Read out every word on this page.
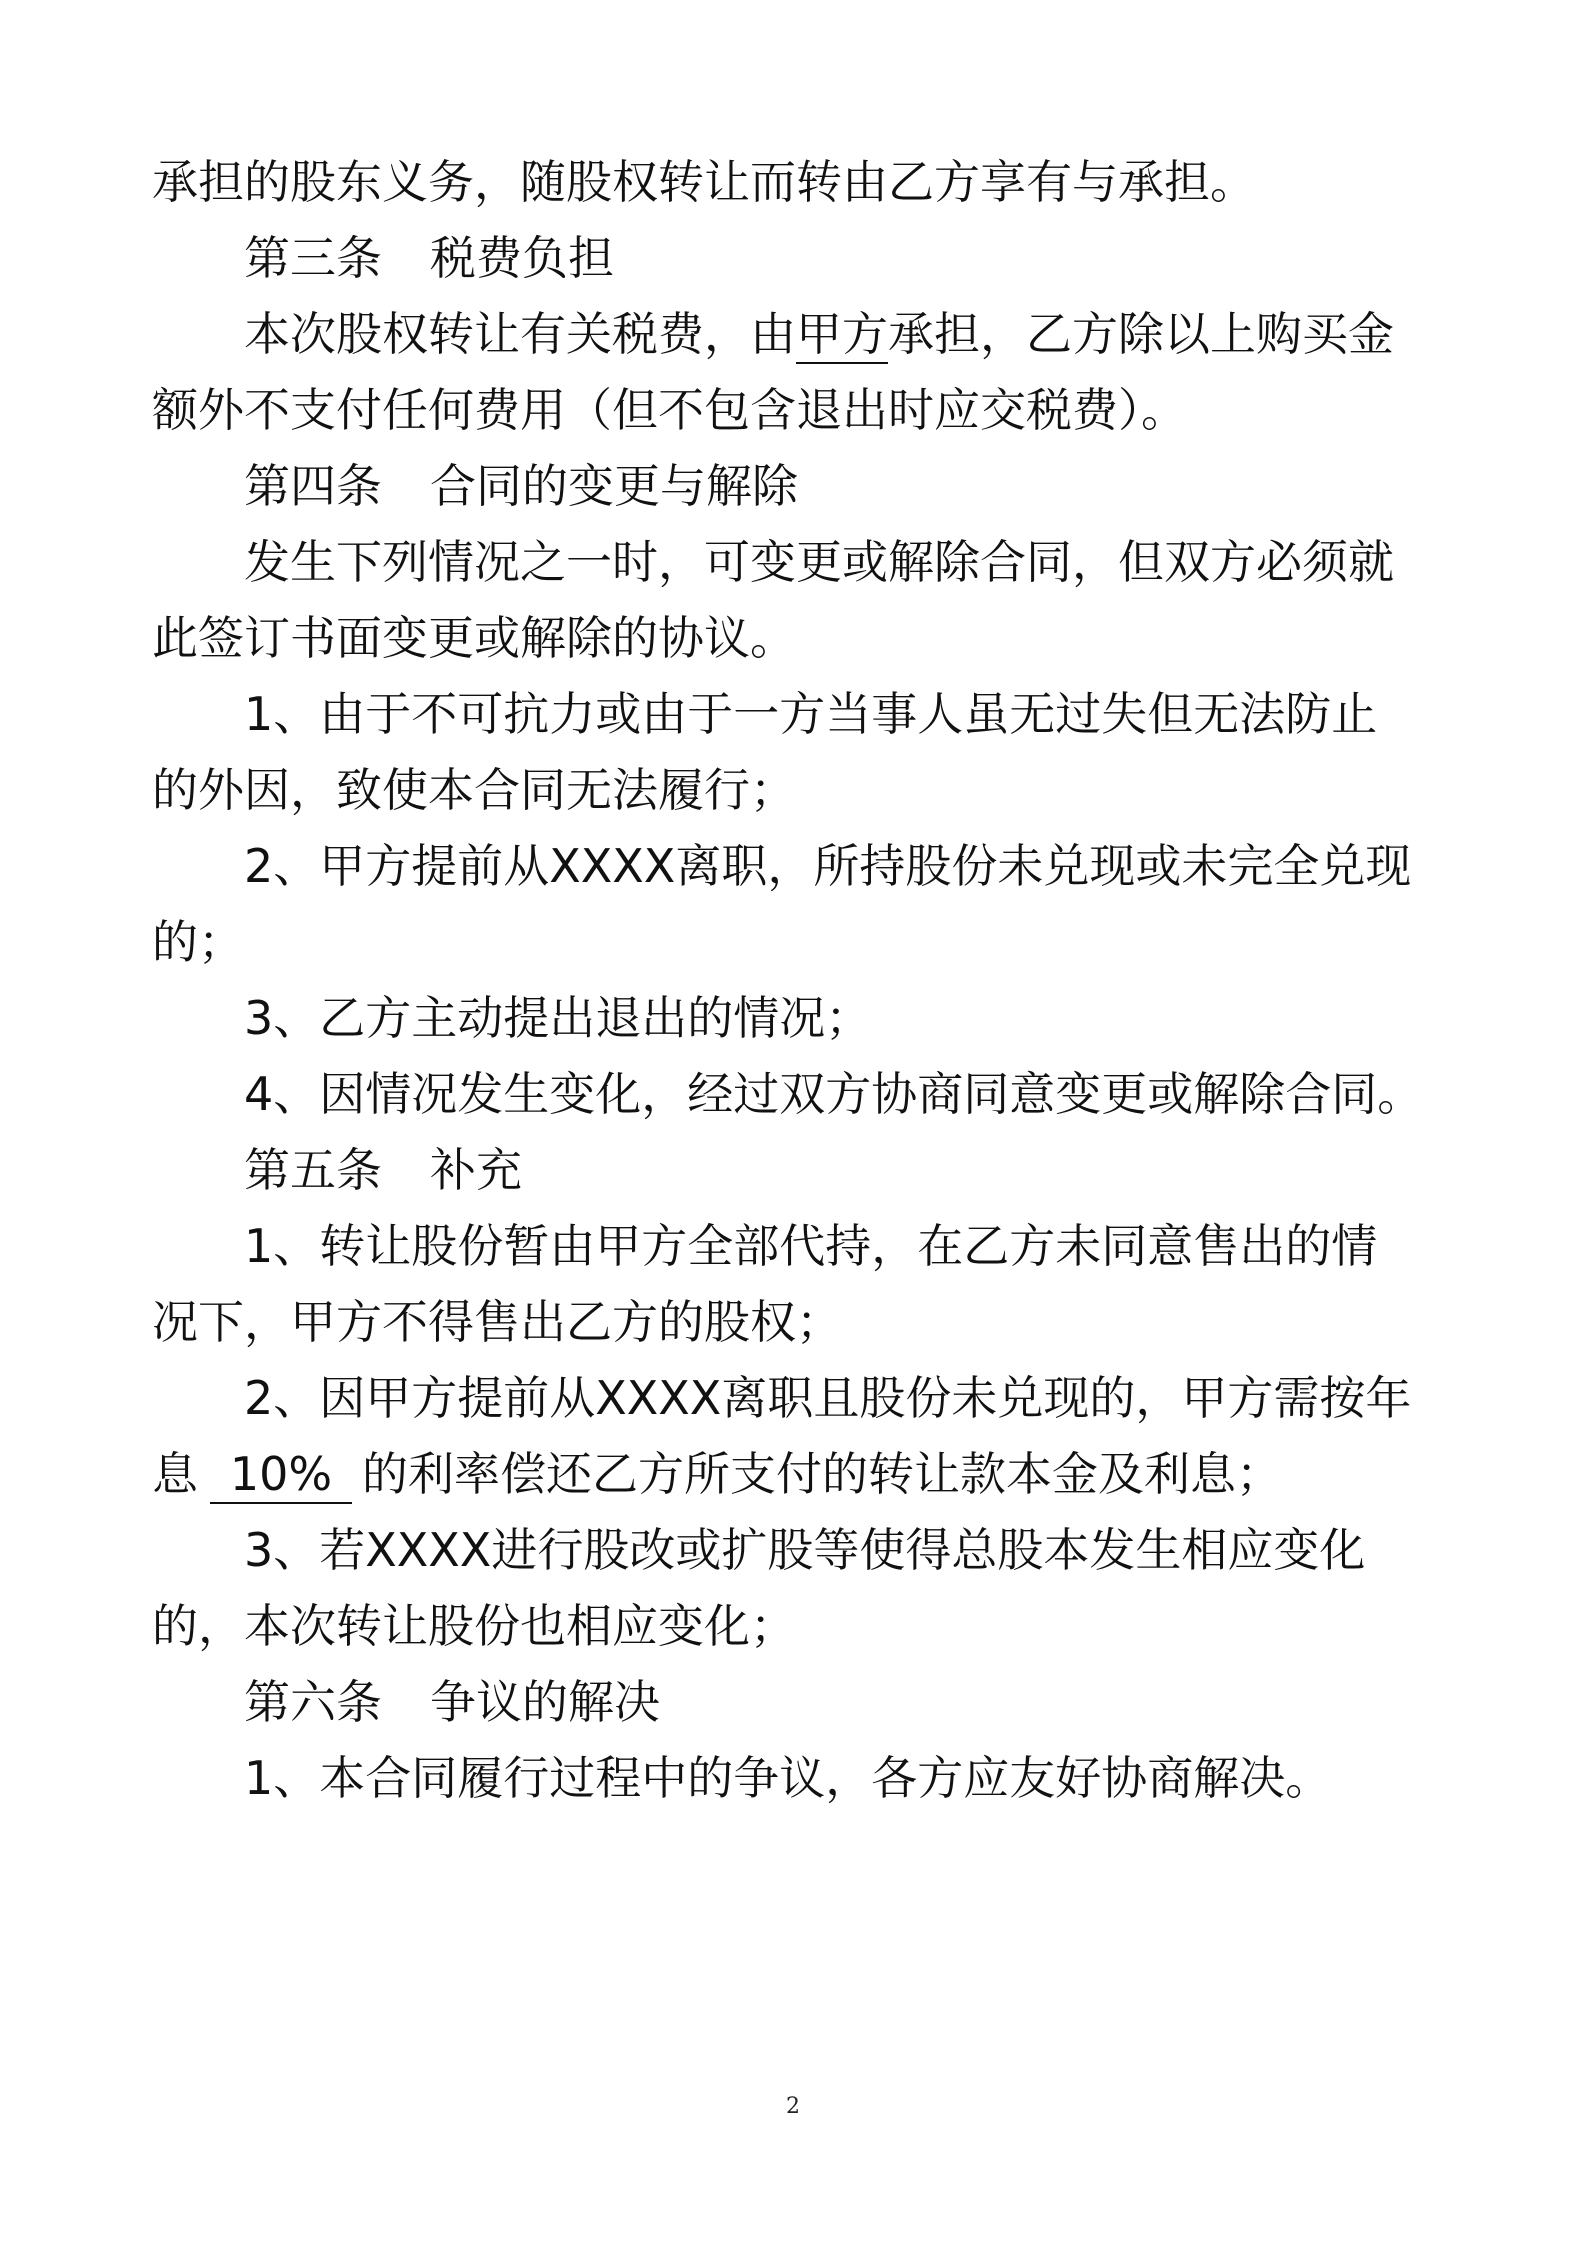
承担的股东义务，随股权转让而转由乙方享有与承担。
第三条 税费负担
本次股权转让有关税费，由甲方承担，乙方除以上购买金
额外不支付任何费用（但不包含退出时应交税费）。
第四条 合同的变更与解除
发生下列情况之一时，可变更或解除合同，但双方必须就
此签订书面变更或解除的协议。
1、由于不可抗力或由于一方当事人虽无过失但无法防止
的外因，致使本合同无法履行；
2、甲方提前从XXXX离职，所持股份未兑现或未完全兑现
的；
3、乙方主动提出退出的情况；
4、因情况发生变化，经过双方协商同意变更或解除合同。
第五条 补充
1、转让股份暂由甲方全部代持，在乙方未同意售出的情
况下，甲方不得售出乙方的股权；
2、因甲方提前从XXXX离职且股份未兑现的，甲方需按年
息 10% 的利率偿还乙方所支付的转让款本金及利息；
3、若XXXX进行股改或扩股等使得总股本发生相应变化
的，本次转让股份也相应变化；
第六条 争议的解决
2
1、本合同履行过程中的争议，各方应友好协商解决。
